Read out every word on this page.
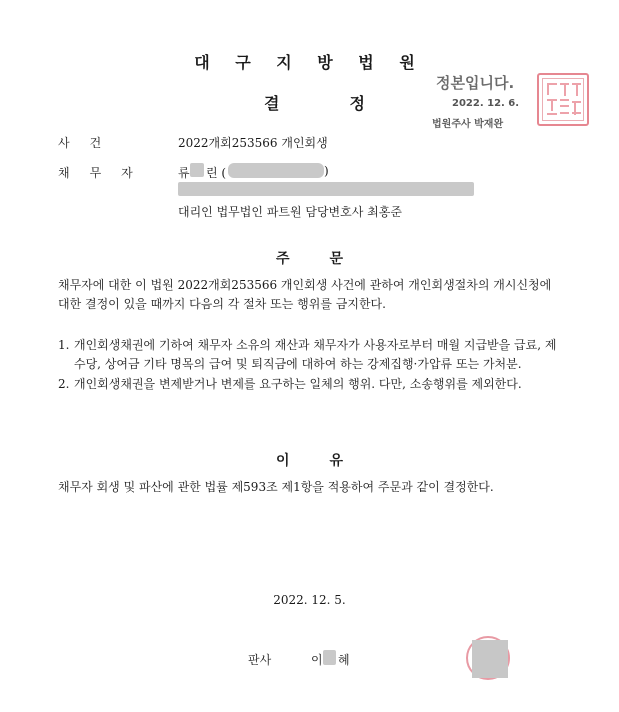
대 구 지 방 법 원
결정
정본입니다.
2022. 12. 6.
법원주사 박재완
사건	2022개회253566 개인회생
채무자 류 린 (	)
대리인 법무법인 파트원 담당변호사 최홍준
주문
채무자에 대한 이 법원 2022개회253566 개인회생 사건에 관하여 개인회생절차의 개시신청에 대한 결정이 있을 때까지 다음의 각 절차 또는 행위를 금지한다.
1. 개인회생채권에 기하여 채무자 소유의 재산과 채무자가 사용자로부터 매월 지급받을 급료, 제수당, 상여금 기타 명목의 급여 및 퇴직금에 대하여 하는 강제집행·가압류 또는 가처분.
2. 개인회생채권을 변제받거나 변제를 요구하는 일체의 행위. 다만, 소송행위를 제외한다.
이유
채무자 회생 및 파산에 관한 법률 제593조 제1항을 적용하여 주문과 같이 결정한다.
2022. 12. 5.
판사	이 혜
